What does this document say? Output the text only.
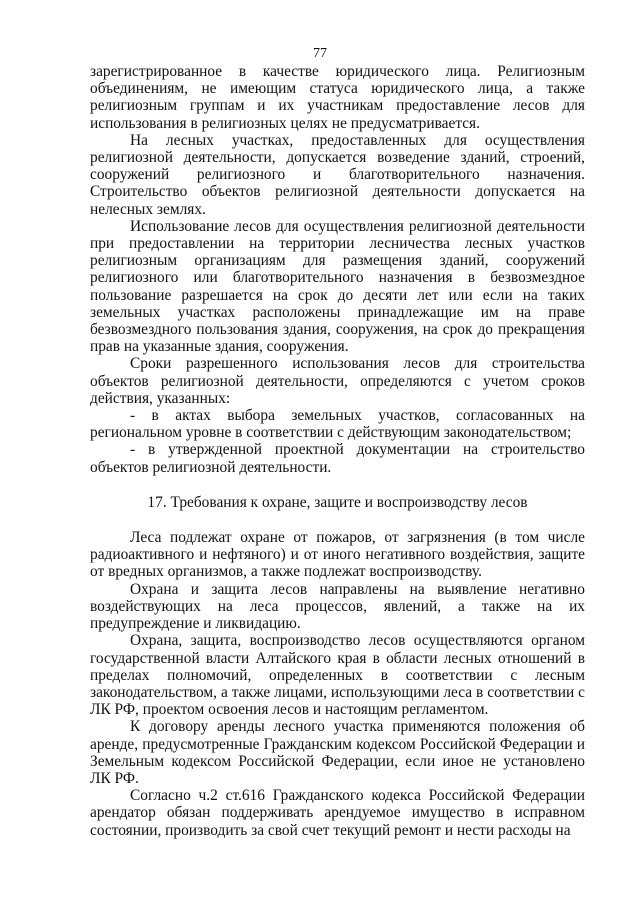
77

зарегистрированное в качестве юридического лица. Религиозным объединениям, не имеющим статуса юридического лица, а также религиозным группам и их участникам предоставление лесов для использования в религиозных целях не предусматривается.

На лесных участках, предоставленных для осуществления религиозной деятельности, допускается возведение зданий, строений, сооружений религиозного и благотворительного назначения. Строительство объектов религиозной деятельности допускается на нелесных землях.

Использование лесов для осуществления религиозной деятельности при предоставлении на территории лесничества лесных участков религиозным организациям для размещения зданий, сооружений религиозного или благотворительного назначения в безвозмездное пользование разрешается на срок до десяти лет или если на таких земельных участках расположены принадлежащие им на праве безвозмездного пользования здания, сооружения, на срок до прекращения прав на указанные здания, сооружения.

Сроки разрешенного использования лесов для строительства объектов религиозной деятельности, определяются с учетом сроков действия, указанных:

- в актах выбора земельных участков, согласованных на региональном уровне в соответствии с действующим законодательством;

- в утвержденной проектной документации на строительство объектов религиозной деятельности.

17. Требования к охране, защите и воспроизводству лесов

Леса подлежат охране от пожаров, от загрязнения (в том числе радиоактивного и нефтяного) и от иного негативного воздействия, защите от вредных организмов, а также подлежат воспроизводству.

Охрана и защита лесов направлены на выявление негативно воздействующих на леса процессов, явлений, а также на их предупреждение и ликвидацию.

Охрана, защита, воспроизводство лесов осуществляются органом государственной власти Алтайского края в области лесных отношений в пределах полномочий, определенных в соответствии с лесным законодательством, а также лицами, использующими леса в соответствии с ЛК РФ, проектом освоения лесов и настоящим регламентом.

К договору аренды лесного участка применяются положения об аренде, предусмотренные Гражданским кодексом Российской Федерации и Земельным кодексом Российской Федерации, если иное не установлено ЛК РФ.

Согласно ч.2 ст.616 Гражданского кодекса Российской Федерации арендатор обязан поддерживать арендуемое имущество в исправном состоянии, производить за свой счет текущий ремонт и нести расходы на
